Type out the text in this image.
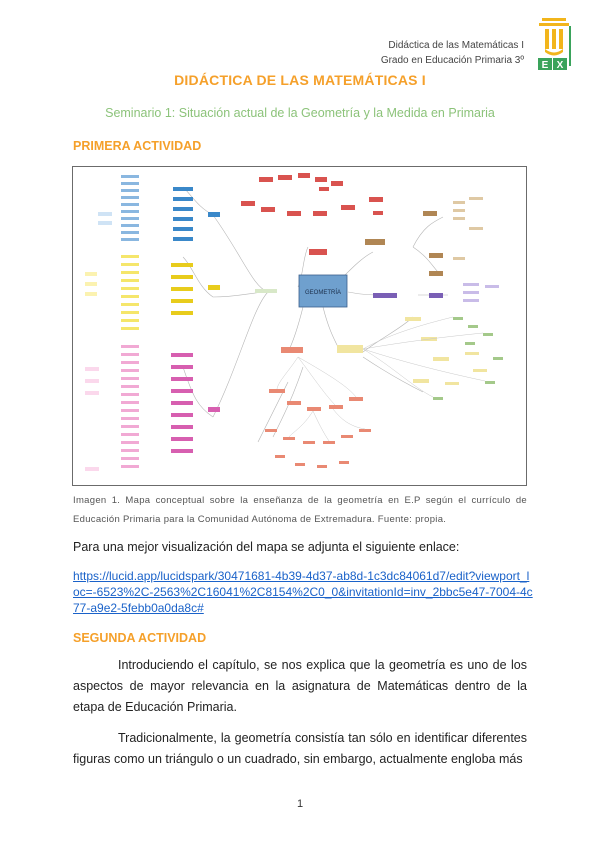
Didáctica de las Matemáticas I
Grado en Educación Primaria 3º E X
DIDÁCTICA DE LAS MATEMÁTICAS I
Seminario 1: Situación actual de la Geometría y la Medida en Primaria
PRIMERA ACTIVIDAD
GEOMETRÍA
Imagen 1. Mapa conceptual sobre la enseñanza de la geometría en E.P según el currículo de Educación Primaria para la Comunidad Autónoma de Extremadura. Fuente: propia.
Para una mejor visualización del mapa se adjunta el siguiente enlace:
https://lucid.app/lucidspark/30471681-4b39-4d37-ab8d-1c3dc84061d7/edit?viewport_loc=-6523%2C-2563%2C16041%2C8154%2C0_0&invitationId=inv_2bbc5e47-7004-4c77-a9e2-5febb0a0da8c#
SEGUNDA ACTIVIDAD
Introduciendo el capítulo, se nos explica que la geometría es uno de los aspectos de mayor relevancia en la asignatura de Matemáticas dentro de la etapa de Educación Primaria.
Tradicionalmente, la geometría consistía tan sólo en identificar diferentes figuras como un triángulo o un cuadrado, sin embargo, actualmente engloba más
1
